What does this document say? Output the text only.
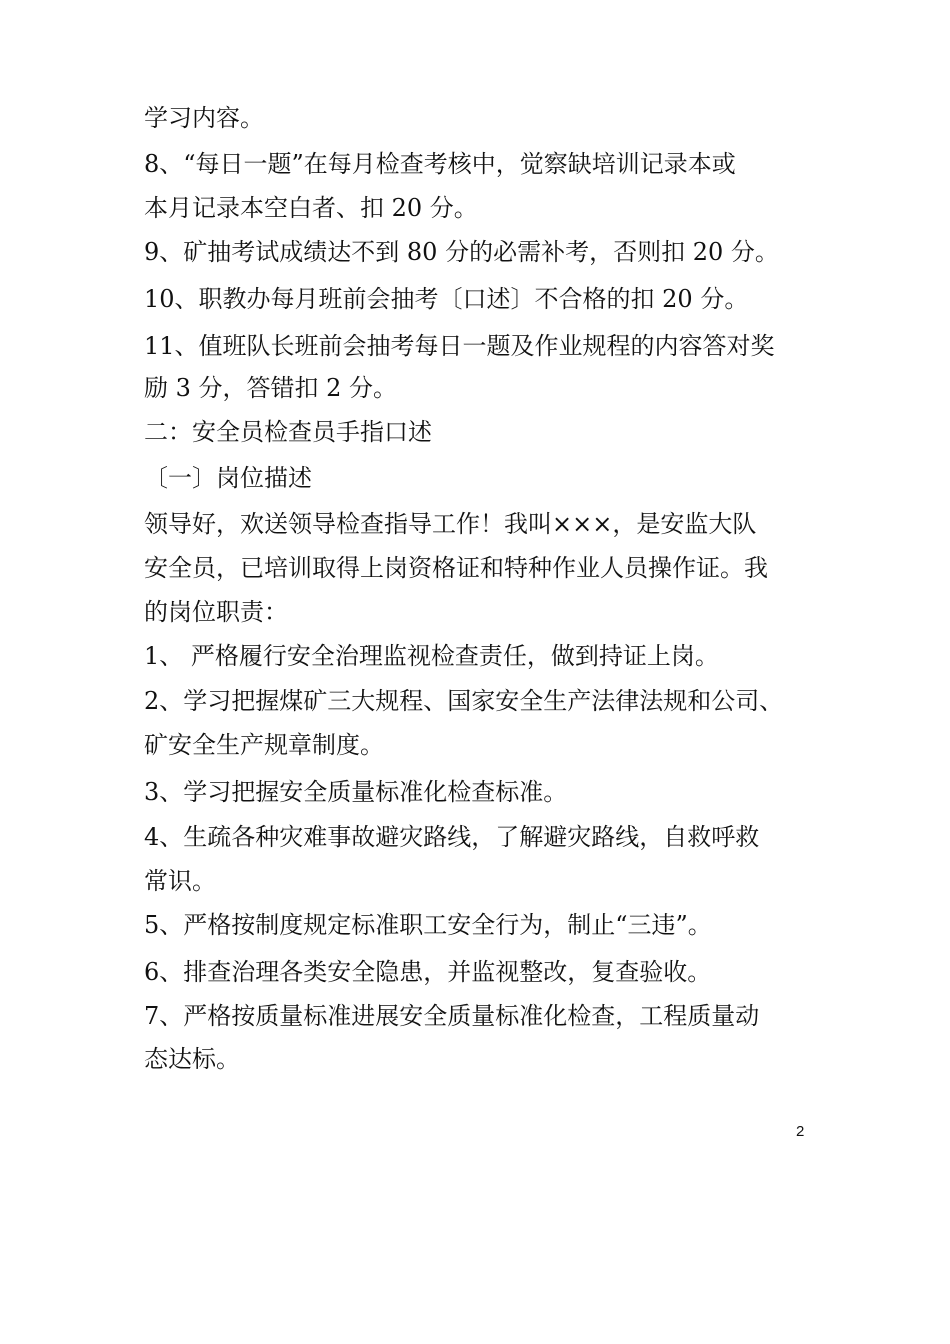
学习内容。
8、“每日一题”在每月检查考核中，觉察缺培训记录本或
本月记录本空白者、扣 20 分。
9、矿抽考试成绩达不到 80 分的必需补考，否则扣 20 分。
10、职教办每月班前会抽考〔口述〕不合格的扣 20 分。
11、值班队长班前会抽考每日一题及作业规程的内容答对奖
励 3 分，答错扣 2 分。
二：安全员检查员手指口述
〔一〕岗位描述
领导好，欢送领导检查指导工作！我叫×××，是安监大队
安全员，已培训取得上岗资格证和特种作业人员操作证。我
的岗位职责：
1、 严格履行安全治理监视检查责任，做到持证上岗。
2、学习把握煤矿三大规程、国家安全生产法律法规和公司、
矿安全生产规章制度。
3、学习把握安全质量标准化检查标准。
4、生疏各种灾难事故避灾路线，了解避灾路线，自救呼救
常识。
5、严格按制度规定标准职工安全行为，制止“三违”。
6、排查治理各类安全隐患，并监视整改，复查验收。
7、严格按质量标准进展安全质量标准化检查，工程质量动
态达标。
2
